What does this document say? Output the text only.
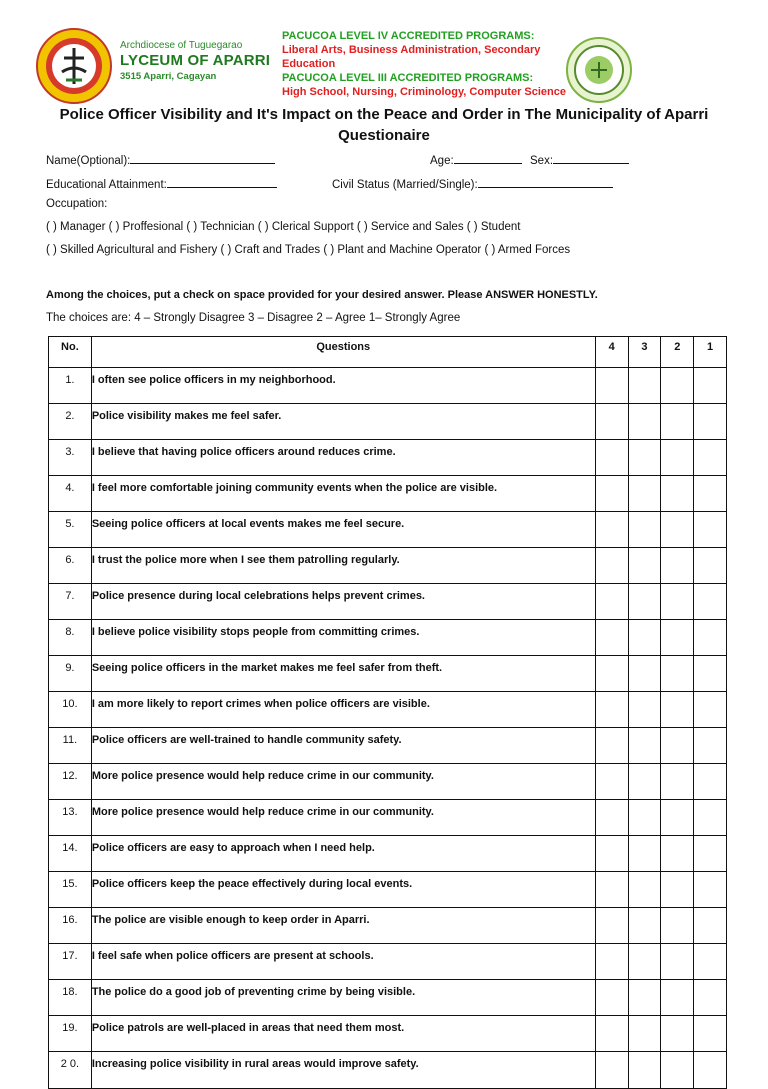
Archdiocese of Tuguegarao
LYCEUM OF APARRI
3515 Aparri, Cagayan
PACUCOA LEVEL IV ACCREDITED PROGRAMS:
Liberal Arts, Business Administration, Secondary Education
PACUCOA LEVEL III ACCREDITED PROGRAMS:
High School, Nursing, Criminology, Computer Science
Police Officer Visibility and It's Impact on the Peace and Order in The Municipality of Aparri Questionaire
Name(Optional):	Age:	Sex:
Educational Attainment:	Civil Status (Married/Single):
Occupation:
( ) Manager ( ) Proffesional ( ) Technician ( ) Clerical Support ( ) Service and Sales ( ) Student
( ) Skilled Agricultural and Fishery ( ) Craft and Trades ( ) Plant and Machine Operator ( ) Armed Forces
Among the choices, put a check on space provided for your desired answer. Please ANSWER HONESTLY.
The choices are: 4 – Strongly Disagree 3 – Disagree 2 – Agree 1– Strongly Agree
No.	Questions	4	3	2	1
1.	I often see police officers in my neighborhood.				
2.	Police visibility makes me feel safer.				
3.	I believe that having police officers around reduces crime.				
4.	I feel more comfortable joining community events when the police are visible.				
5.	Seeing police officers at local events makes me feel secure.				
6.	I trust the police more when I see them patrolling regularly.				
7.	Police presence during local celebrations helps prevent crimes.				
8.	I believe police visibility stops people from committing crimes.				
9.	Seeing police officers in the market makes me feel safer from theft.				
10.	I am more likely to report crimes when police officers are visible.				
11.	Police officers are well-trained to handle community safety.				
12.	More police presence would help reduce crime in our community.				
13.	More police presence would help reduce crime in our community.				
14.	Police officers are easy to approach when I need help.				
15.	Police officers keep the peace effectively during local events.				
16.	The police are visible enough to keep order in Aparri.				
17.	I feel safe when police officers are present at schools.				
18.	The police do a good job of preventing crime by being visible.				
19.	Police patrols are well-placed in areas that need them most.				
2 0.	Increasing police visibility in rural areas would improve safety.				
